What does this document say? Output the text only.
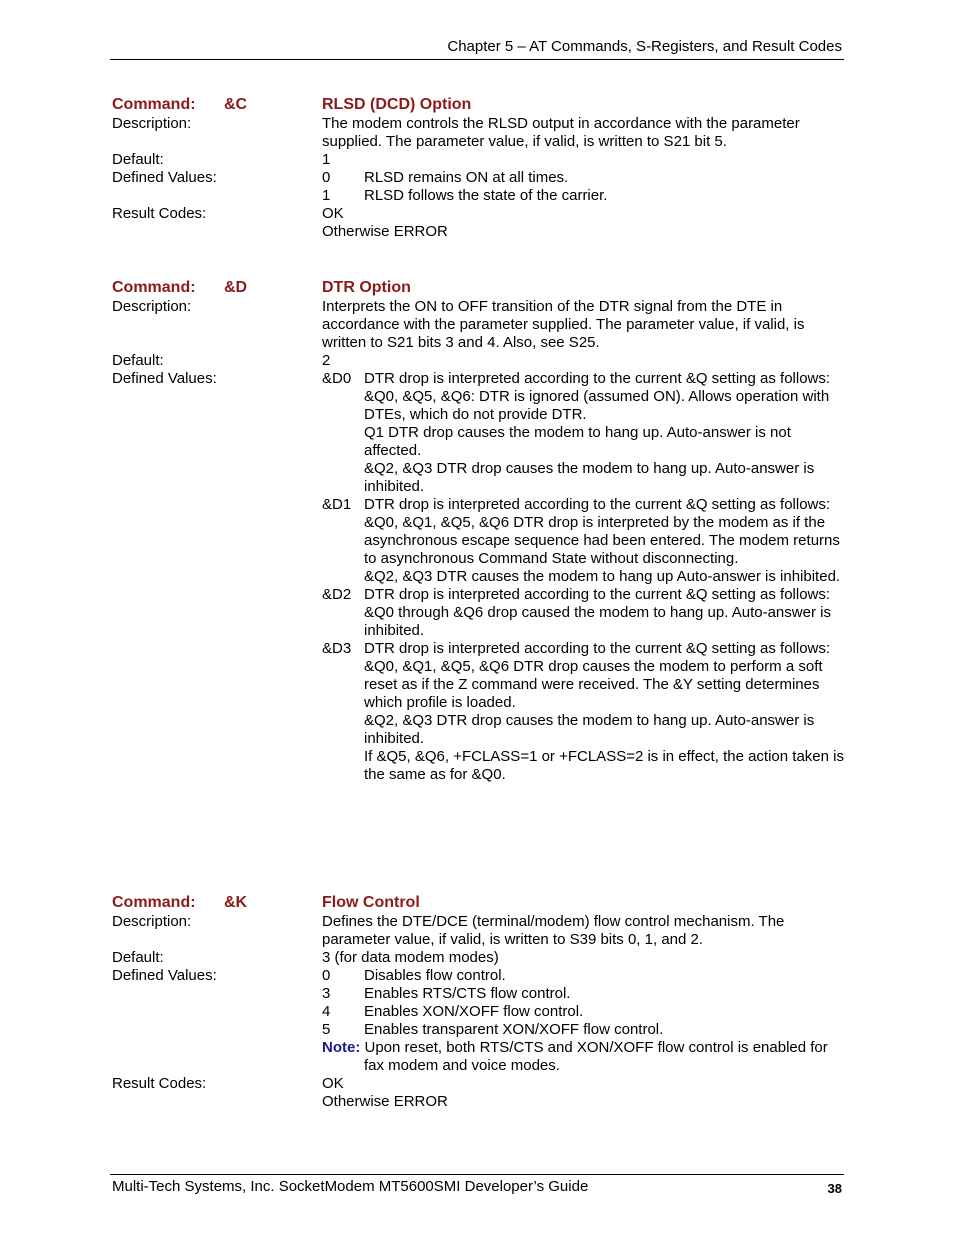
Chapter 5 – AT Commands, S-Registers, and Result Codes
Command: &C	RLSD (DCD) Option
Description:	The modem controls the RLSD output in accordance with the parameter supplied. The parameter value, if valid, is written to S21 bit 5.
Default:	1
Defined Values:	0 RLSD remains ON at all times.
1 RLSD follows the state of the carrier.
Result Codes:	OK
Otherwise ERROR
Command: &D	DTR Option
Description:	Interprets the ON to OFF transition of the DTR signal from the DTE in accordance with the parameter supplied. The parameter value, if valid, is written to S21 bits 3 and 4. Also, see S25.
Default:	2
Defined Values:	&D0 DTR drop is interpreted according to the current &Q setting as follows:
&Q0, &Q5, &Q6: DTR is ignored (assumed ON). Allows operation with DTEs, which do not provide DTR.
Q1 DTR drop causes the modem to hang up. Auto-answer is not affected.
&Q2, &Q3 DTR drop causes the modem to hang up. Auto-answer is inhibited.
&D1 DTR drop is interpreted according to the current &Q setting as follows:
&Q0, &Q1, &Q5, &Q6 DTR drop is interpreted by the modem as if the asynchronous escape sequence had been entered. The modem returns to asynchronous Command State without disconnecting.
&Q2, &Q3 DTR causes the modem to hang up Auto-answer is inhibited.
&D2 DTR drop is interpreted according to the current &Q setting as follows:
&Q0 through &Q6 drop caused the modem to hang up. Auto-answer is inhibited.
&D3 DTR drop is interpreted according to the current &Q setting as follows:
&Q0, &Q1, &Q5, &Q6 DTR drop causes the modem to perform a soft reset as if the Z command were received. The &Y setting determines which profile is loaded.
&Q2, &Q3 DTR drop causes the modem to hang up. Auto-answer is inhibited.
If &Q5, &Q6, +FCLASS=1 or +FCLASS=2 is in effect, the action taken is the same as for &Q0.
Command: &K	Flow Control
Description:	Defines the DTE/DCE (terminal/modem) flow control mechanism. The parameter value, if valid, is written to S39 bits 0, 1, and 2.
Default:	3 (for data modem modes)
Defined Values:	0 Disables flow control.
3 Enables RTS/CTS flow control.
4 Enables XON/XOFF flow control.
5 Enables transparent XON/XOFF flow control.
Note: Upon reset, both RTS/CTS and XON/XOFF flow control is enabled for fax modem and voice modes.
Result Codes:	OK
Otherwise ERROR
Multi-Tech Systems, Inc. SocketModem MT5600SMI Developer’s Guide	38
